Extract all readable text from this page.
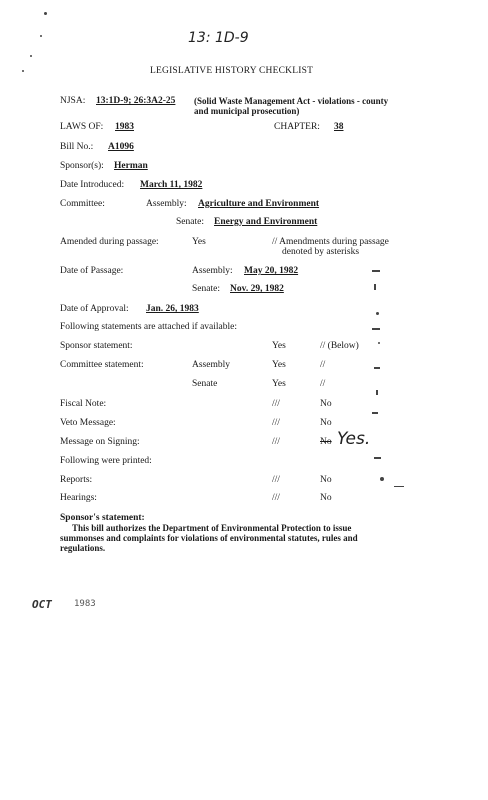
13: 1D-9
LEGISLATIVE HISTORY CHECKLIST
NJSA: 13:1D-9; 26:3A2-25 (Solid Waste Management Act - violations - county
and municipal prosecution)
LAWS OF: 1983	CHAPTER: 38
Bill No.: A1096
Sponsor(s): Herman
Date Introduced: March 11, 1982
Committee:	Assembly: Agriculture and Environment
Senate: Energy and Environment
Amended during passage:	Yes	// Amendments during passage
denoted by asterisks
Date of Passage:	Assembly: May 20, 1982
Senate: Nov. 29, 1982
Date of Approval: Jan. 26, 1983
Following statements are attached if available:
Sponsor statement:	Yes	// (Below)
Committee statement:	Assembly	Yes	//
Senate	Yes	//
Fiscal Note:	///	No
Veto Message:	///	No
Message on Signing:	///	No Yes.
Following were printed:
Reports:	///	No
Hearings:	///	No
Sponsor's statement:
This bill authorizes the Department of Environmental Protection to issue
summonses and complaints for violations of environmental statutes, rules and
regulations.
OCT 1983
